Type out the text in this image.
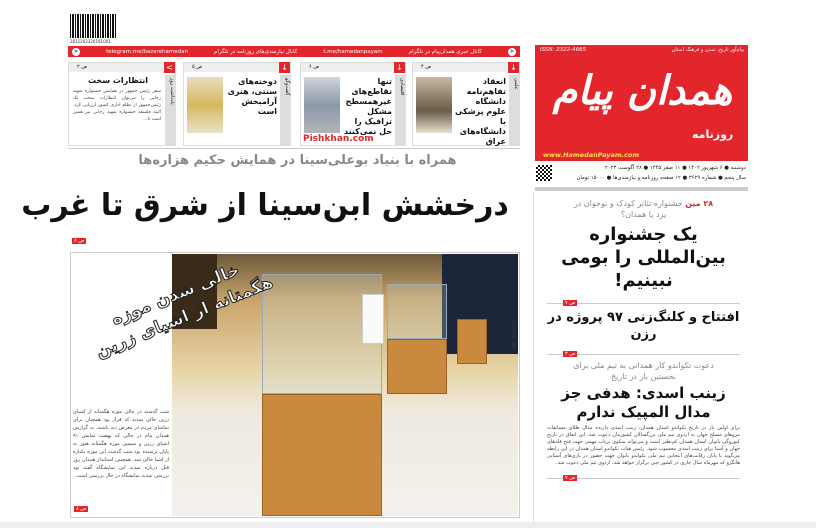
2811202320191001
➤	telegram.me/bazarehamedan	کانال نیازمندی‌های روزنامه در تلگرام	t.me/hamedanpayam	کانال خبری همدان‌پیام در تلگرام	➤
۴ ص	↓
علمی
انعقاد تفاهم‌نامه دانشگاه علوم پزشکی با دانشگاه‌های عراق
۶ ص	↓
اقتصادی
تنها تقاطع‌های غیرهمسطح مشکل ترافیک را حل نمی‌کنند
Pishkhan.com
۵ ص	↓
گفت‌وگو
دوخته‌های سنتی، هنری آرامبخش است
۲ ص	<
یادداشت روز
انتظارات سخت
سفر رئیس جمهور در همایش جشنواره شهید رجایی را می‌توان انتظارات سخت یک رئیس‌جمهور از نظام اداری کشور ارزیابی کرد. البته فلسفه جشنواره شهید رجایی نیز همین است تا...
ISSN: 2322-4665	پیام‌آور تاریخ، تمدن و فرهنگ استان
همدان پیام
روزنامه
www.HamedanPayam.com
دوشنبه ● ۶ شهریور ۱۴۰۲ ● ۱۱ صفر ۱۴۴۵ ● ۲۸ آگوست ۲۰۲۳
سال پنجم ● شماره ۳۶۲۹ ● ۱۲ صفحه روزنامه و نیازمندی‌ها ● ۱۵۰۰۰ تومان
همراه با بنیاد بوعلی‌سینا در همایش حکیم هزاره‌ها
درخشش ابن‌سینا از شرق تا غرب
ص ۸
عکس: همدان پیام
خالی شدن موزه هگمتانه از اشیای زرین
شب گذشته در خالی موزه هگمتانه از اشیای زرین خالی شدند که قرار بود همچنان برای تماشای مردم در معرض دید باشند. به گزارش همدان پیام در حالی که نهضت نمایش ۹۱ اشیای زرین و سیمین موزه هگمتانه هنوز به پایان نرسیده بود شب گذشته این موزه یکباره از اشیا خالی شد. همچنین استاندار همدان روز قبل درباره تمدید این نمایشگاه گفته بود بررسی تمدید نمایشگاه در حال بررسی است.
ص ۸
۲۸ مین جشنواره تئاتر کودک و نوجوان در یزد یا همدان؟
یک جشنواره بین‌المللی را بومی نبینیم!
ص ۷
افتتاح و کلنگ‌زنی ۹۷ پروژه در رزن
ص ۳
دعوت تکواندو کار همدانی به تیم ملی برای نخستین بار در تاریخ
زینب اسدی: هدفی جز مدال المپیک ندارم
برای اولین بار در تاریخ تکواندو استان همدان، زینب اسدی دارنده مدال طلای مسابقات نیروهای مسلح جهان به اردوی تیم ملی بزرگسالان کشورمان دعوت شد. این اتفاق در تاریخ کیوروگی بانوان استان همدان کم‌نظیر است و می‌تواند سکوی پرتاب مهمی جهت فتح قله‌های جهان و آسیا برای زینب اسدی محسوب شود. رئیس هیات تکواندو استان همدان در این رابطه می‌گوید با پایان رقابت‌های انتخابی تیم ملی تکواندو بانوان جهت حضور در بازی‌های آسیایی هانگژو که مهرماه سال جاری در کشور چین برگزار خواهد شد، اردوی تیم ملی دعوت شد.
ص ۷
